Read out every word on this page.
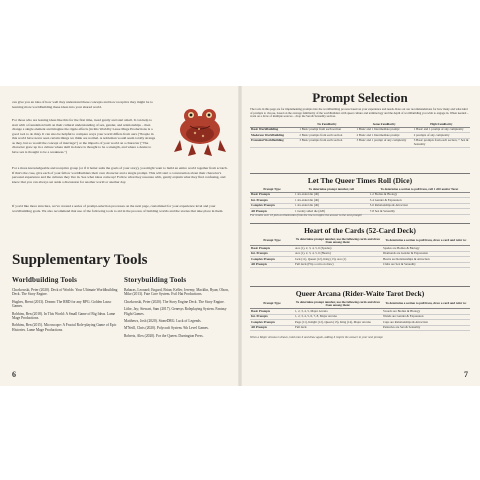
can give you an idea of how well they understand these concepts and how receptive they might be to learning more worldbuilding these ideas into your shared world.

For those who are leaning ideas like this for the first time, tread gently and start small. It can help to start with a foundation built on their cultural understanding of sex, gender, and relationships – then change a single element and imagine the ripple effects (in this Worldby Lasse Mage Productions is a good tool to do this). It can also be helpful to compare ways your world differs from ours ("People in this world have never seen certain things we think are normal. A nobleman would seem totally strange as they, but so would the concept of marriage") or the impacts of your world on a character ("The character grew up in a culture where skill in dance is thought to be a strength, and where a desire to have sex is thought to be a weakness.")

For a more knowledgeable and receptive group (or if it better suits the goals of your story), you might want to build an entire world together from scratch. If that's the case, give each of your fellow worldbuilders their own character and a single prompt. This will start a conversation about their character's personal experience and the cultures they live in. See what ideas come up! Follow what they resonate with, gently explain what they find confusing, and know that you can always set aside a discussion for another world or another day.

If you'd like more structure, we've created a series of prompt-selection processes on the next page, customized for your experience level and your worldbuilding goals. We also recommend that use of the following tools to aid in the process of building worlds and the stories that take place in them.

Supplementary Tools
Worldbuilding Tools	Storybuilding Tools

Chrzkowski, Peter (2020). Deck of Worlds: Your Ultimate Worldbuilding Deck. The Story Engine.

Hughes, Brent (2013). Dream: The RBD for any RPG. Golden Lasso Games.

Robbins, Ben (2018). In This World: A Small Game of Big Ideas. Lame Mage Productions.

Robbins, Ben (2015). Microscope: A Fractal Role-playing Game of Epic Histories. Lame Mage Productions.

Baharas, Leonard; Engard, Brian; Keller, Jeremy; Macklin, Ryan; Olson, Mike (2013). Fate Core System. Evil Hat Productions.

Chrzkowski, Peter (2020). The Story Engine Deck. The Story Engine.

Lithe, Jay; Stewart, Sam (2017). Genesys Roleplaying System. Fantasy Flight Games.

Matthews, Josh (2020). StoneDRG. Luck of Legends.

M'Neill, Chris (2020). Polycraft System. 9th Level Games.

Roberts, Alex (2020). For the Queen. Darrington Press.

6
Prompt Selection

The tools in this page are for implementing prompts into the worldbuilding process based on your experience and needs. Rate out our recommendations for how many and what kind of prompts to choose, based on the average familiarity of the worldbuilders with queer culture and terminology and the depth of worldbuilding you wish to engage in. When needed – work on a draw of multiple sources – drop the Sex & Sexuality section.

	No Familiarity	Some Familiarity	High Familiarity
Basic Worldbuilding	1 Basic prompt from each section	1 Basic and 1 Intermediate prompt	1 Basic and 1 prompt of any complexity
Moderate Worldbuilding	2 Basic prompts from each section	2 Basic and 1 Intermediate prompt	2 prompts of any complexity
Extended Worldbuilding	3 Basic prompts from each section	3 Basic and 1 prompt of any complexity	3 Basic prompts from each section, + Sex & Sexuality
Let The Queer Times Roll (Dice)
Prompt Type	To determine prompt number, roll	To determine a section to pull from, roll 1 d10 and/or Tarot
Basic Prompts	1 six-sided die (d6)	1-2 Bodies & Biology
Int. Prompts	1 six-sided die (d6)	3-4 Gender & Expression
Complex Prompts	1 six-sided die (d6)	5-6 Relationships & Attraction
All Prompts	1 twenty sided die (d20)	7-8 Sex & Sexuality
For results over 10 pick an illustration from the row to inspire the answer to the next prompt!
Heart of the Cards (52-Card Deck)
Prompt Type	To determine prompt number, use the following cards and draw from among them:	To determine a section to pull from, draw a card and refer to:
Basic Prompts	Ace (1), 2, 3, 4, 5, 6 (Spades)	Spades are Bodies & Biology
Int. Prompts	Ace (1), 2, 3, 4, 5, 6 (Hearts)	Diamonds are Gender & Expression
Complex Prompts	Jack (11), Queen (12), King (13), Ace (1)	Hearts are Relationships & Attraction
All Prompts	Full deck (Flip a coin on draw)	Clubs are Sex & Sexuality
Queer Arcana (Rider-Waite Tarot Deck)
Prompt Type	To determine prompt number, use the following cards and draw from among them:	To determine a section to pull from, draw a card and refer to:
Basic Prompts	1, 2, 3, 4, 5, Major Arcana	Swords are Bodies & Biology
Int. Prompts	1, 2, 3, 4, 5, 6, 7, 8, Major Arcana	Wands are Gender & Expression
Complex Prompts	Page (11), Knight (12), Queen (13), King (14), Major Arcana	Cups are Relationships & Attraction
All Prompts	Full deck	Pentacles are Sex & Sexuality
When a Major Arcana is drawn, hold onto it and draw again, adding it inspire the answer to your next prompt.
7
